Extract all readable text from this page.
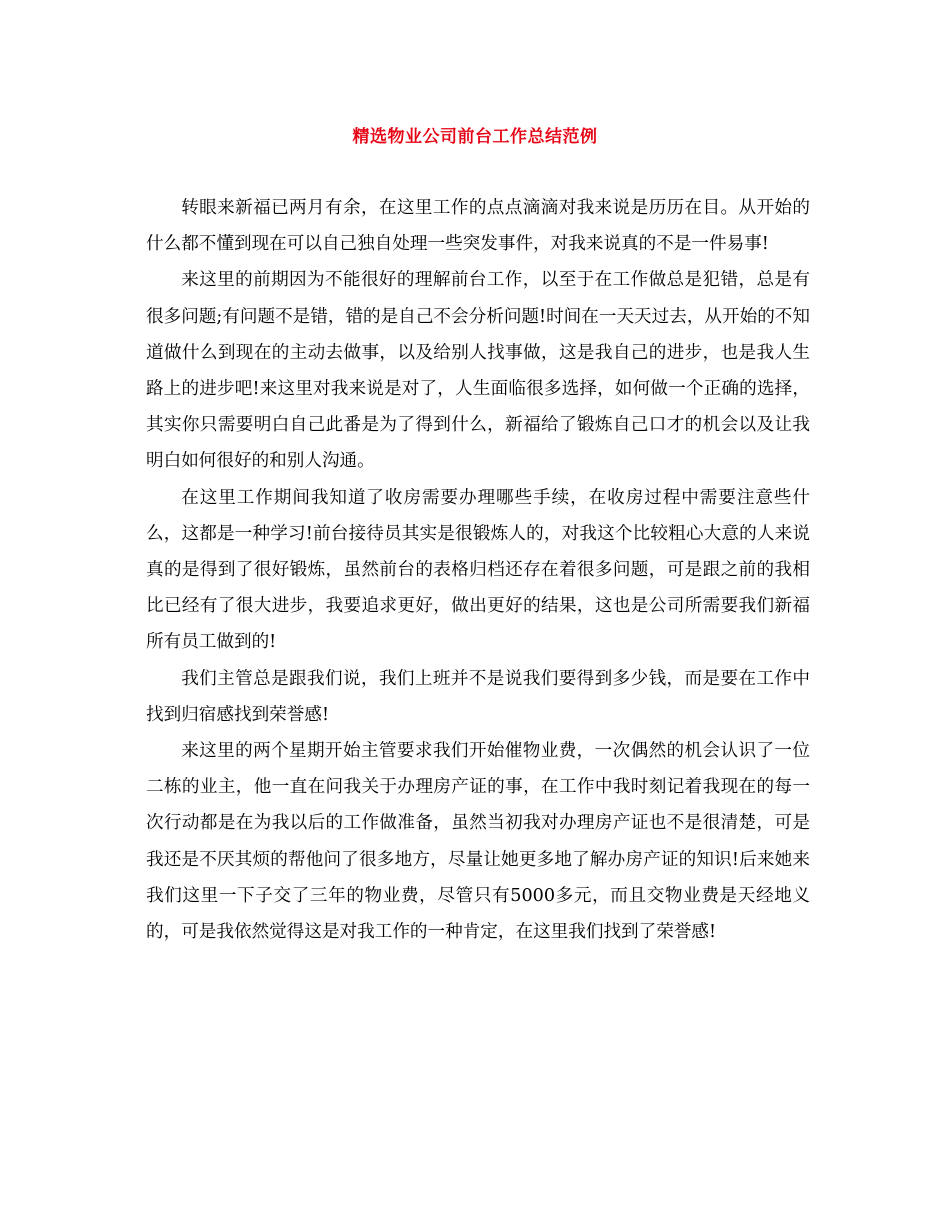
精选物业公司前台工作总结范例

转眼来新福已两月有余，在这里工作的点点滴滴对我来说是历历在目。从开始的什么都不懂到现在可以自己独自处理一些突发事件，对我来说真的不是一件易事!

来这里的前期因为不能很好的理解前台工作，以至于在工作做总是犯错，总是有很多问题;有问题不是错，错的是自己不会分析问题!时间在一天天过去，从开始的不知道做什么到现在的主动去做事，以及给别人找事做，这是我自己的进步，也是我人生路上的进步吧!来这里对我来说是对了，人生面临很多选择，如何做一个正确的选择，其实你只需要明白自己此番是为了得到什么，新福给了锻炼自己口才的机会以及让我明白如何很好的和别人沟通。

在这里工作期间我知道了收房需要办理哪些手续，在收房过程中需要注意些什么，这都是一种学习!前台接待员其实是很锻炼人的，对我这个比较粗心大意的人来说真的是得到了很好锻炼，虽然前台的表格归档还存在着很多问题，可是跟之前的我相比已经有了很大进步，我要追求更好，做出更好的结果，这也是公司所需要我们新福所有员工做到的!

我们主管总是跟我们说，我们上班并不是说我们要得到多少钱，而是要在工作中找到归宿感找到荣誉感!

来这里的两个星期开始主管要求我们开始催物业费，一次偶然的机会认识了一位二栋的业主，他一直在问我关于办理房产证的事，在工作中我时刻记着我现在的每一次行动都是在为我以后的工作做准备，虽然当初我对办理房产证也不是很清楚，可是我还是不厌其烦的帮他问了很多地方，尽量让她更多地了解办房产证的知识!后来她来我们这里一下子交了三年的物业费，尽管只有5000多元，而且交物业费是天经地义的，可是我依然觉得这是对我工作的一种肯定，在这里我们找到了荣誉感!
